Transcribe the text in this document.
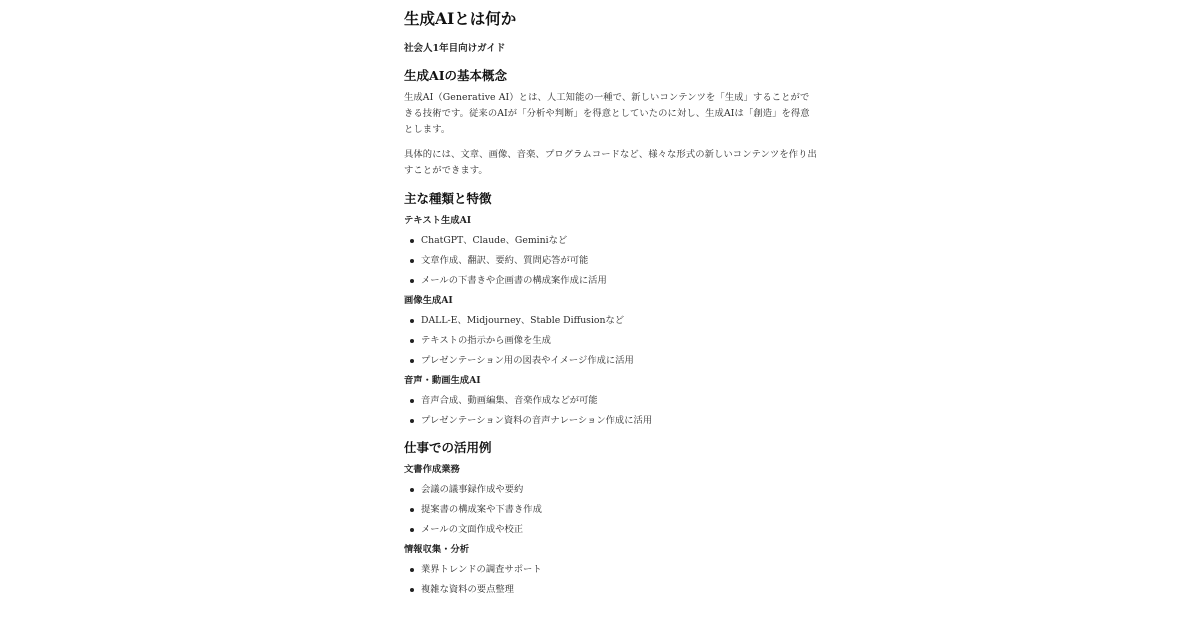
生成AIとは何か
社会人1年目向けガイド
生成AIの基本概念

生成AI（Generative AI）とは、人工知能の一種で、新しいコンテンツを「生成」することができる技術です。従来のAIが「分析や判断」を得意としていたのに対し、生成AIは「創造」を得意とします。

具体的には、文章、画像、音楽、プログラムコードなど、様々な形式の新しいコンテンツを作り出すことができます。

主な種類と特徴
テキスト生成AI
ChatGPT、Claude、Geminiなど
文章作成、翻訳、要約、質問応答が可能
メールの下書きや企画書の構成案作成に活用
画像生成AI
DALL-E、Midjourney、Stable Diffusionなど
テキストの指示から画像を生成
プレゼンテーション用の図表やイメージ作成に活用
音声・動画生成AI
音声合成、動画編集、音楽作成などが可能
プレゼンテーション資料の音声ナレーション作成に活用
仕事での活用例
文書作成業務
会議の議事録作成や要約
提案書の構成案や下書き作成
メールの文面作成や校正
情報収集・分析
業界トレンドの調査サポート
複雑な資料の要点整理
